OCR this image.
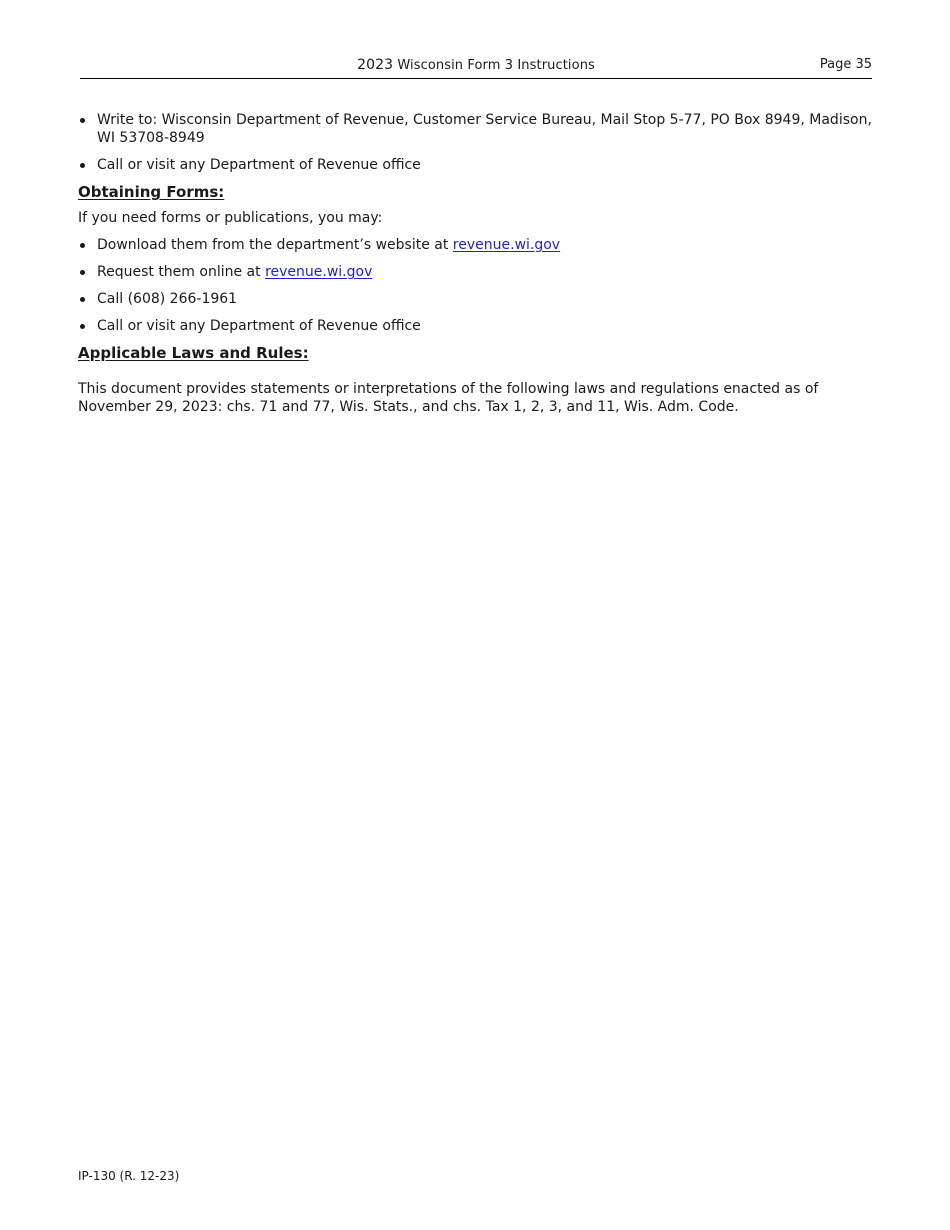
2023 Wisconsin Form 3 Instructions	Page 35
Write to: Wisconsin Department of Revenue, Customer Service Bureau, Mail Stop 5-77, PO Box 8949, Madison, WI 53708-8949
Call or visit any Department of Revenue office
Obtaining Forms:

If you need forms or publications, you may:

Download them from the department’s website at revenue.wi.gov
Request them online at revenue.wi.gov
Call (608) 266-1961
Call or visit any Department of Revenue office
Applicable Laws and Rules:

This document provides statements or interpretations of the following laws and regulations enacted as of November 29, 2023: chs. 71 and 77, Wis. Stats., and chs. Tax 1, 2, 3, and 11, Wis. Adm. Code.

IP-130 (R. 12-23)
